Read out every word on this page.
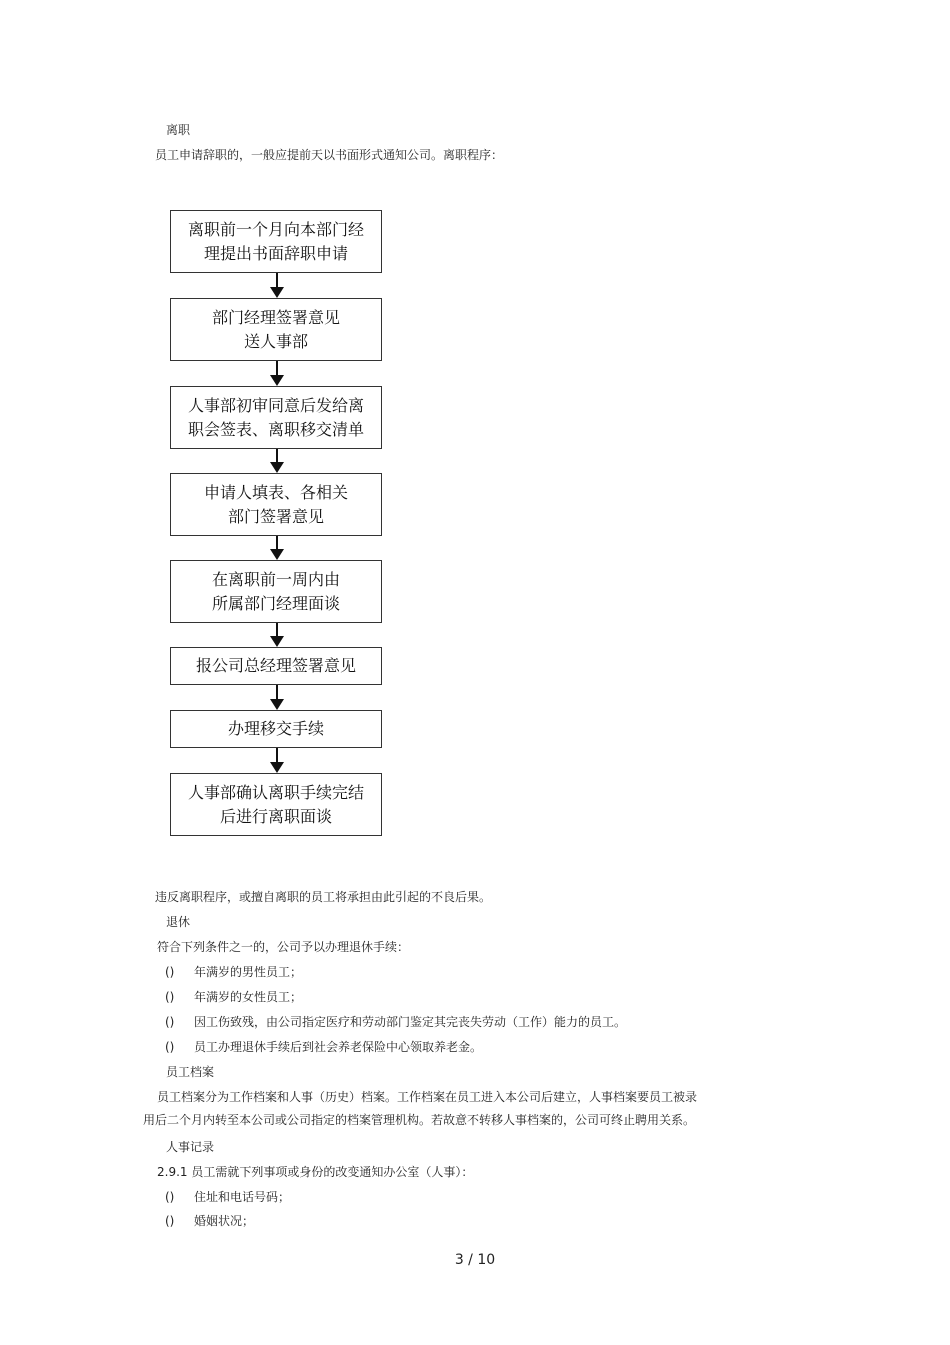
离职
员工申请辞职的，一般应提前天以书面形式通知公司。离职程序：
离职前一个月向本部门经
理提出书面辞职申请
部门经理签署意见
送人事部
人事部初审同意后发给离
职会签表、离职移交清单
申请人填表、各相关
部门签署意见
在离职前一周内由
所属部门经理面谈
报公司总经理签署意见
办理移交手续
人事部确认离职手续完结
后进行离职面谈
违反离职程序，或擅自离职的员工将承担由此引起的不良后果。
退休
符合下列条件之一的，公司予以办理退休手续：
() 年满岁的男性员工；
() 年满岁的女性员工；
() 因工伤致残，由公司指定医疗和劳动部门鉴定其完丧失劳动（工作）能力的员工。
() 员工办理退休手续后到社会养老保险中心领取养老金。
员工档案
员工档案分为工作档案和人事（历史）档案。工作档案在员工进入本公司后建立，人事档案要员工被录
用后二个月内转至本公司或公司指定的档案管理机构。若故意不转移人事档案的，公司可终止聘用关系。
人事记录
2.9.1 员工需就下列事项或身份的改变通知办公室（人事）：
() 住址和电话号码；
() 婚姻状况；
3 / 10
